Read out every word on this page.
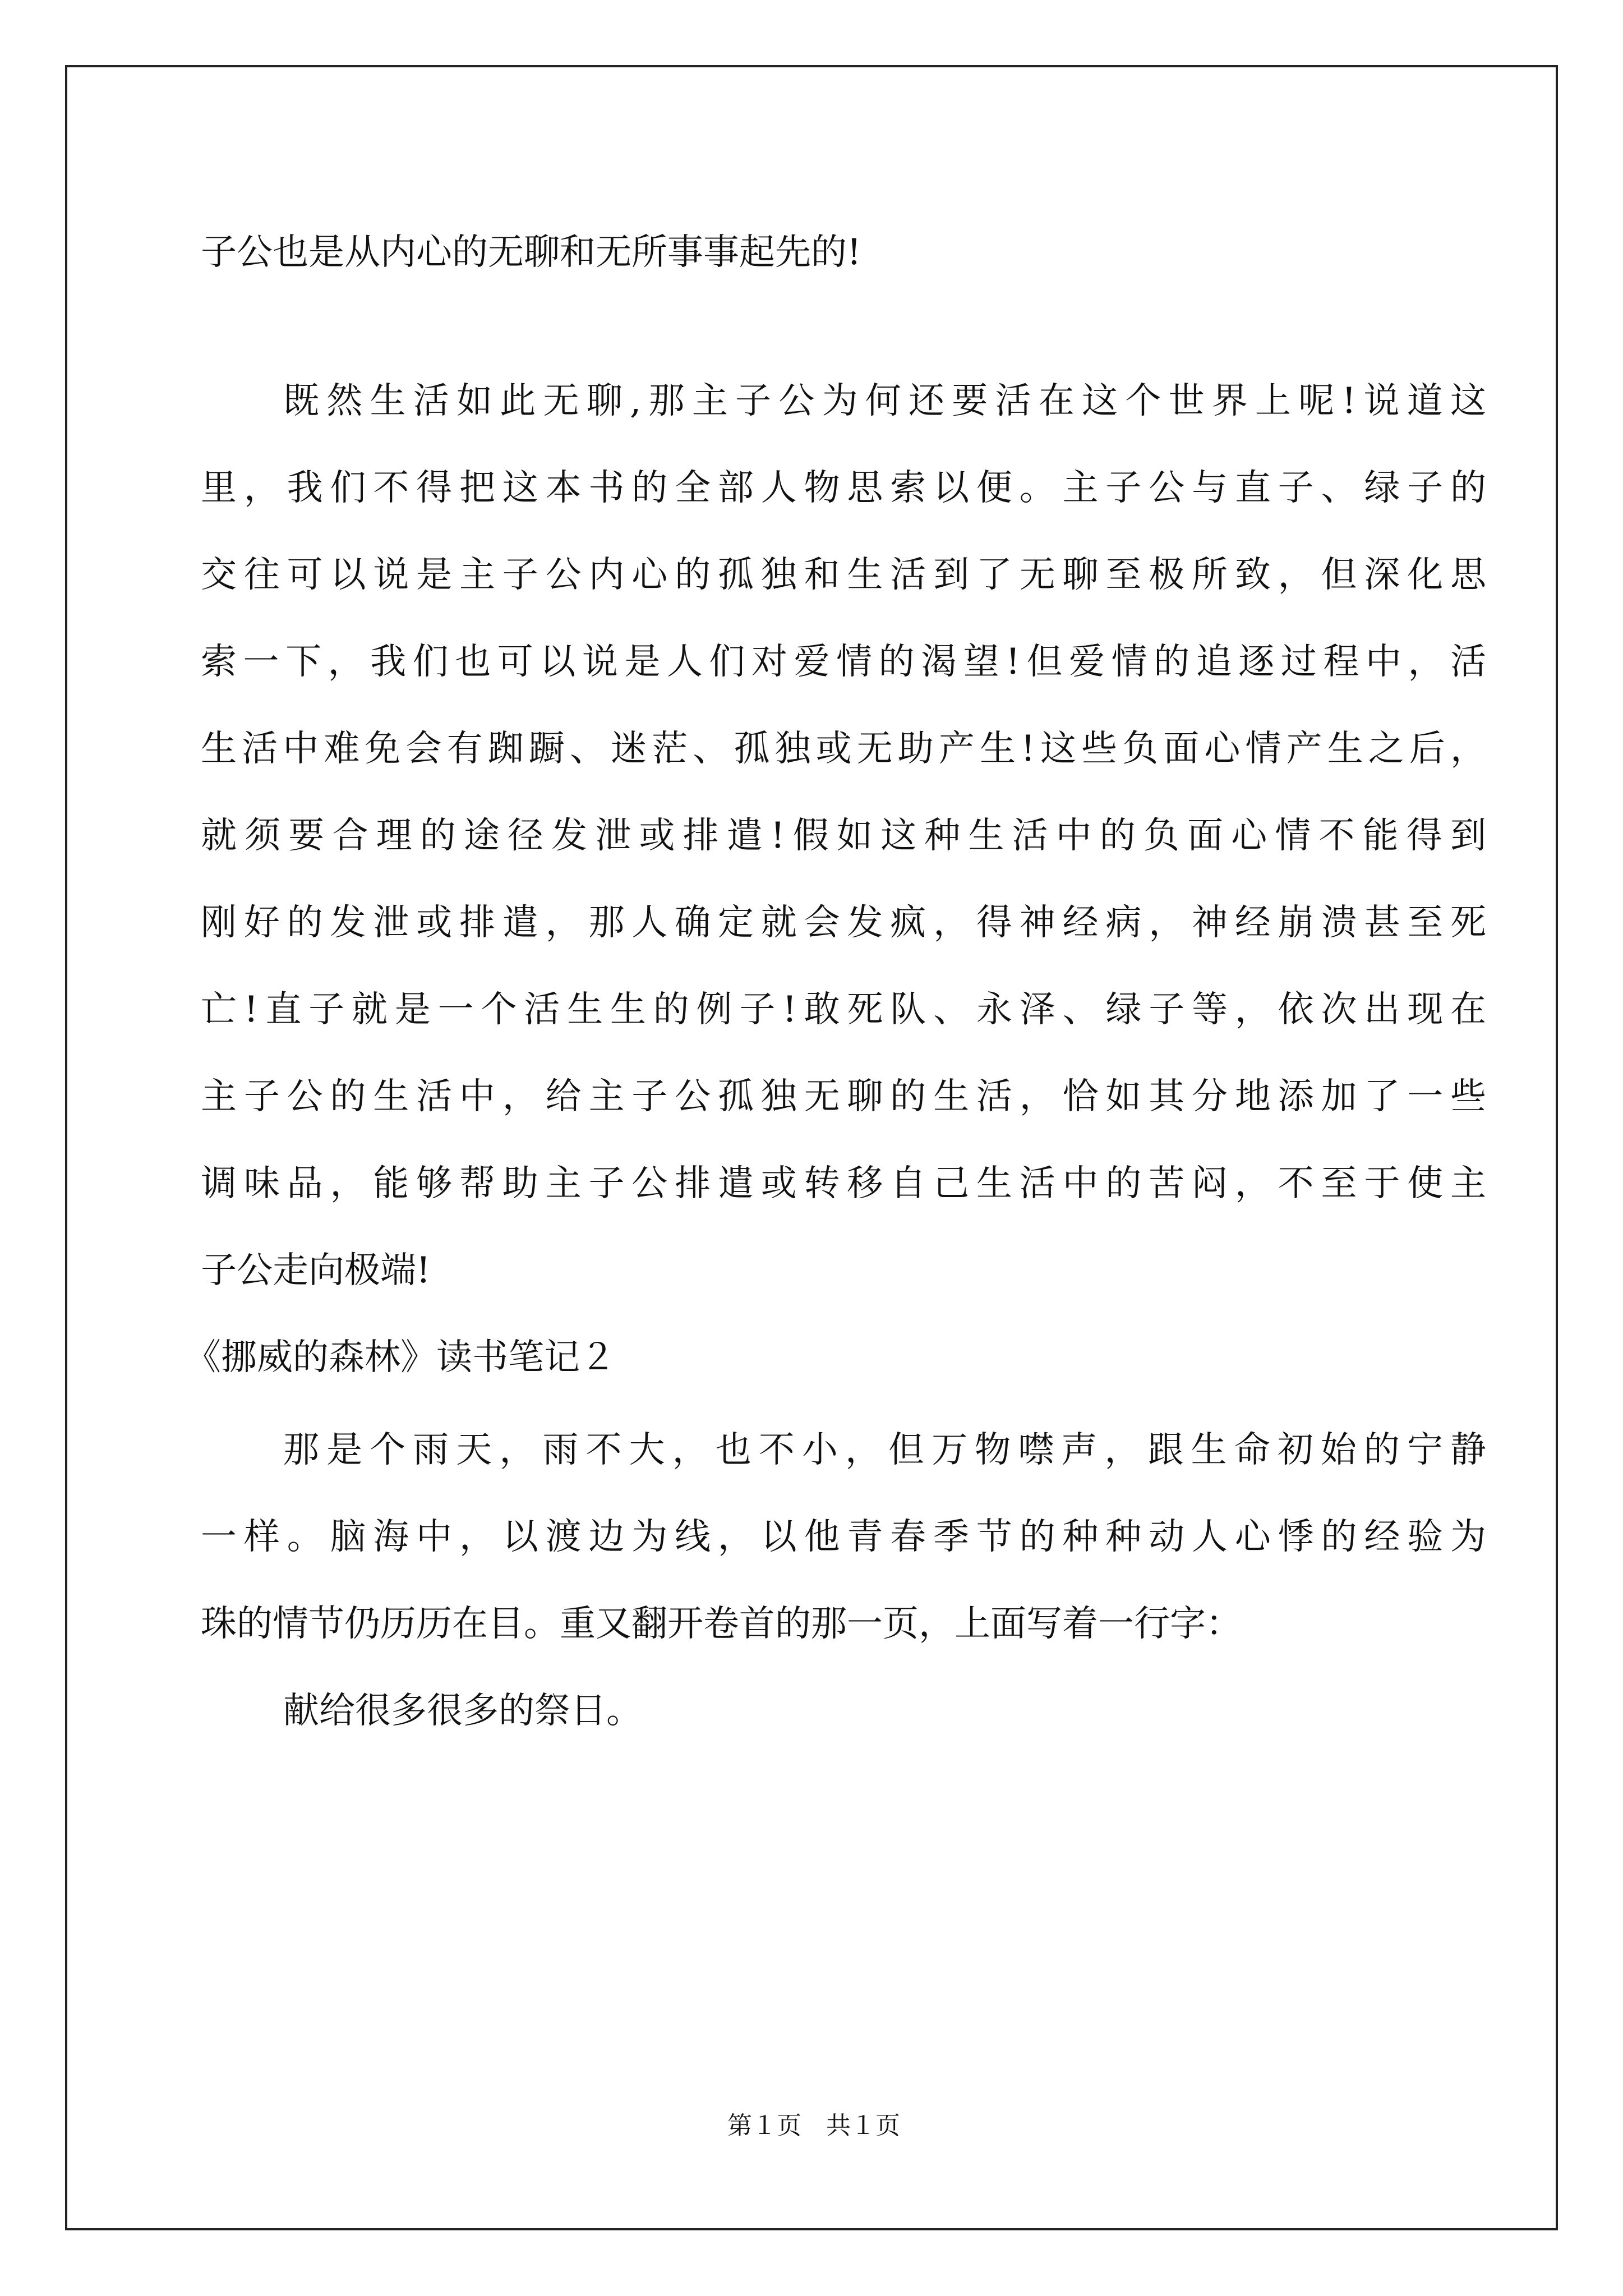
子公也是从内心的无聊和无所事事起先的!
既然生活如此无聊,那主子公为何还要活在这个世界上呢!说道这
里，我们不得把这本书的全部人物思索以便。主子公与直子、绿子的
交往可以说是主子公内心的孤独和生活到了无聊至极所致，但深化思
索一下，我们也可以说是人们对爱情的渴望!但爱情的追逐过程中，活
生活中难免会有踟蹰、迷茫、孤独或无助产生!这些负面心情产生之后，
就须要合理的途径发泄或排遣!假如这种生活中的负面心情不能得到
刚好的发泄或排遣，那人确定就会发疯，得神经病，神经崩溃甚至死
亡!直子就是一个活生生的例子!敢死队、永泽、绿子等，依次出现在
主子公的生活中，给主子公孤独无聊的生活，恰如其分地添加了一些
调味品，能够帮助主子公排遣或转移自己生活中的苦闷，不至于使主
子公走向极端!
《挪威的森林》读书笔记２
那是个雨天，雨不大，也不小，但万物噤声，跟生命初始的宁静
一样。脑海中，以渡边为线，以他青春季节的种种动人心悸的经验为
珠的情节仍历历在目。重又翻开卷首的那一页，上面写着一行字：
献给很多很多的祭日。
第１页　共１页
